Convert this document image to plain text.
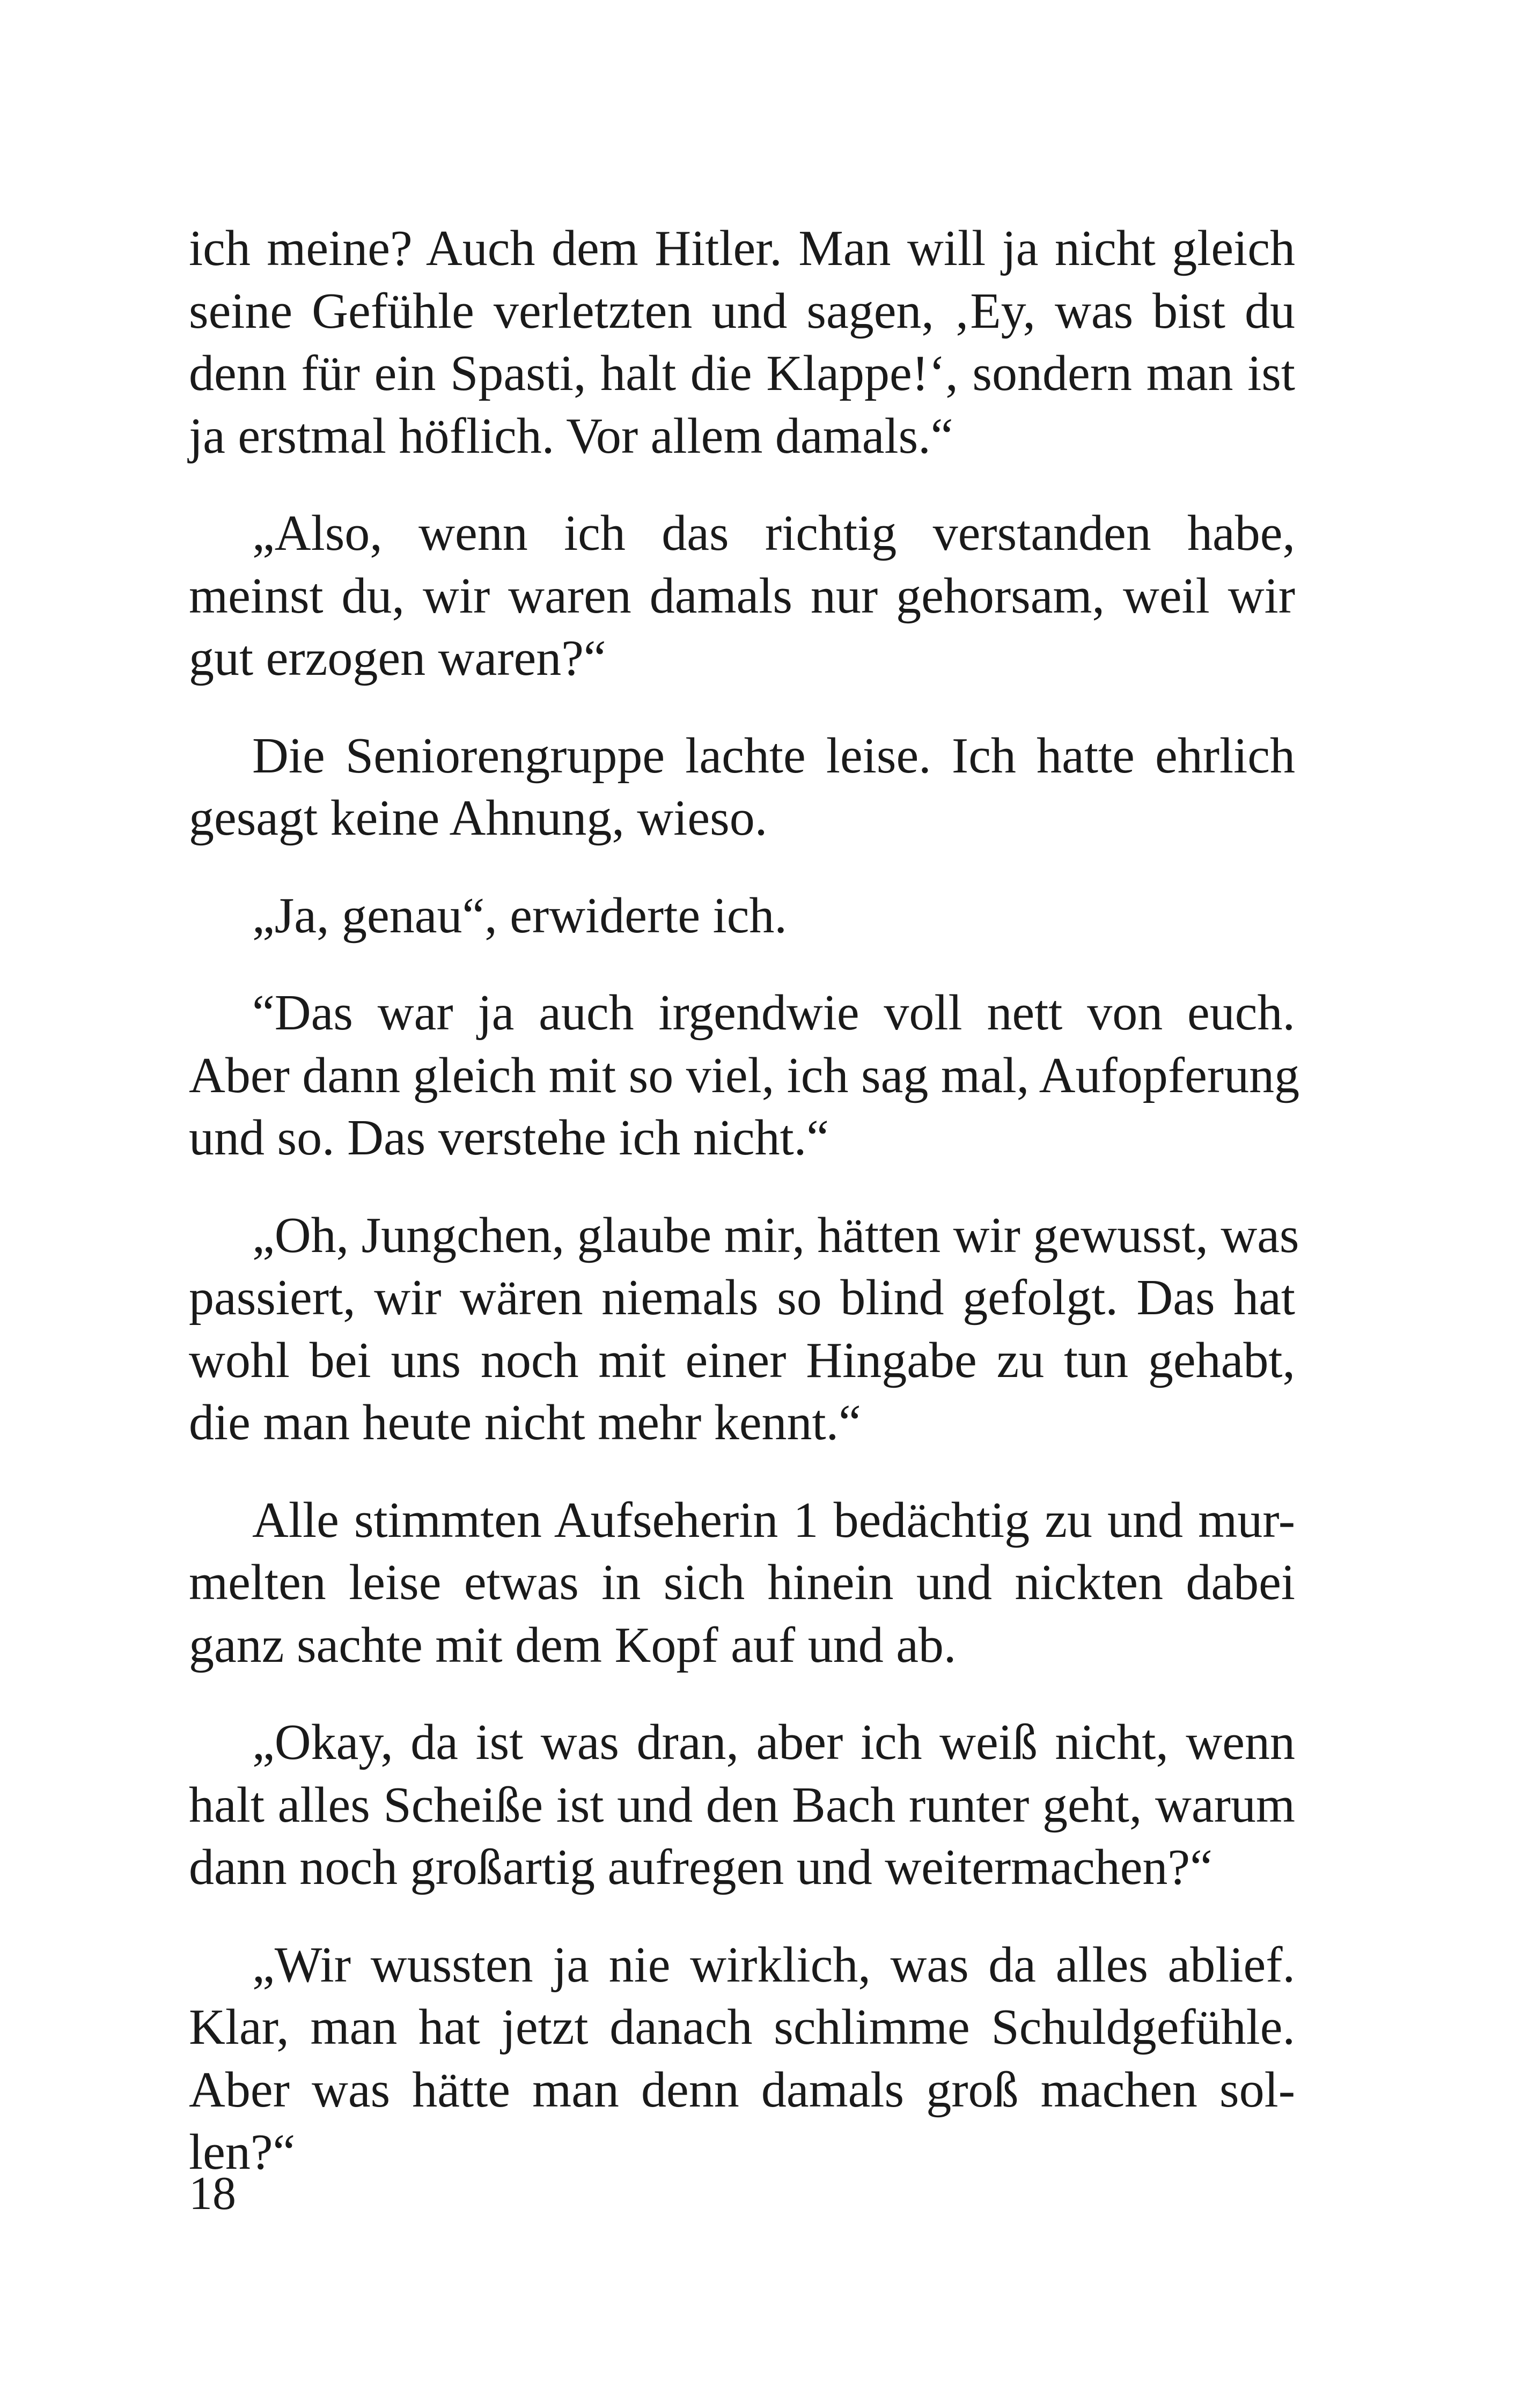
ich meine? Auch dem Hitler. Man will ja nicht gleich
seine Gefühle verletzten und sagen, ‚Ey, was bist du
denn für ein Spasti, halt die Klappe!‘, sondern man ist
ja erstmal höflich. Vor allem damals.“
„Also, wenn ich das richtig verstanden habe,
meinst du, wir waren damals nur gehorsam, weil wir
gut erzogen waren?“
Die Seniorengruppe lachte leise. Ich hatte ehrlich
gesagt keine Ahnung, wieso.
„Ja, genau“, erwiderte ich.
“Das war ja auch irgendwie voll nett von euch.
Aber dann gleich mit so viel, ich sag mal, Aufopferung
und so. Das verstehe ich nicht.“
„Oh, Jungchen, glaube mir, hätten wir gewusst, was
passiert, wir wären niemals so blind gefolgt. Das hat
wohl bei uns noch mit einer Hingabe zu tun gehabt,
die man heute nicht mehr kennt.“
Alle stimmten Aufseherin 1 bedächtig zu und mur-
melten leise etwas in sich hinein und nickten dabei
ganz sachte mit dem Kopf auf und ab.
„Okay, da ist was dran, aber ich weiß nicht, wenn
halt alles Scheiße ist und den Bach runter geht, warum
dann noch großartig aufregen und weitermachen?“
„Wir wussten ja nie wirklich, was da alles ablief.
Klar, man hat jetzt danach schlimme Schuldgefühle.
Aber was hätte man denn damals groß machen sol-
len?“
18
